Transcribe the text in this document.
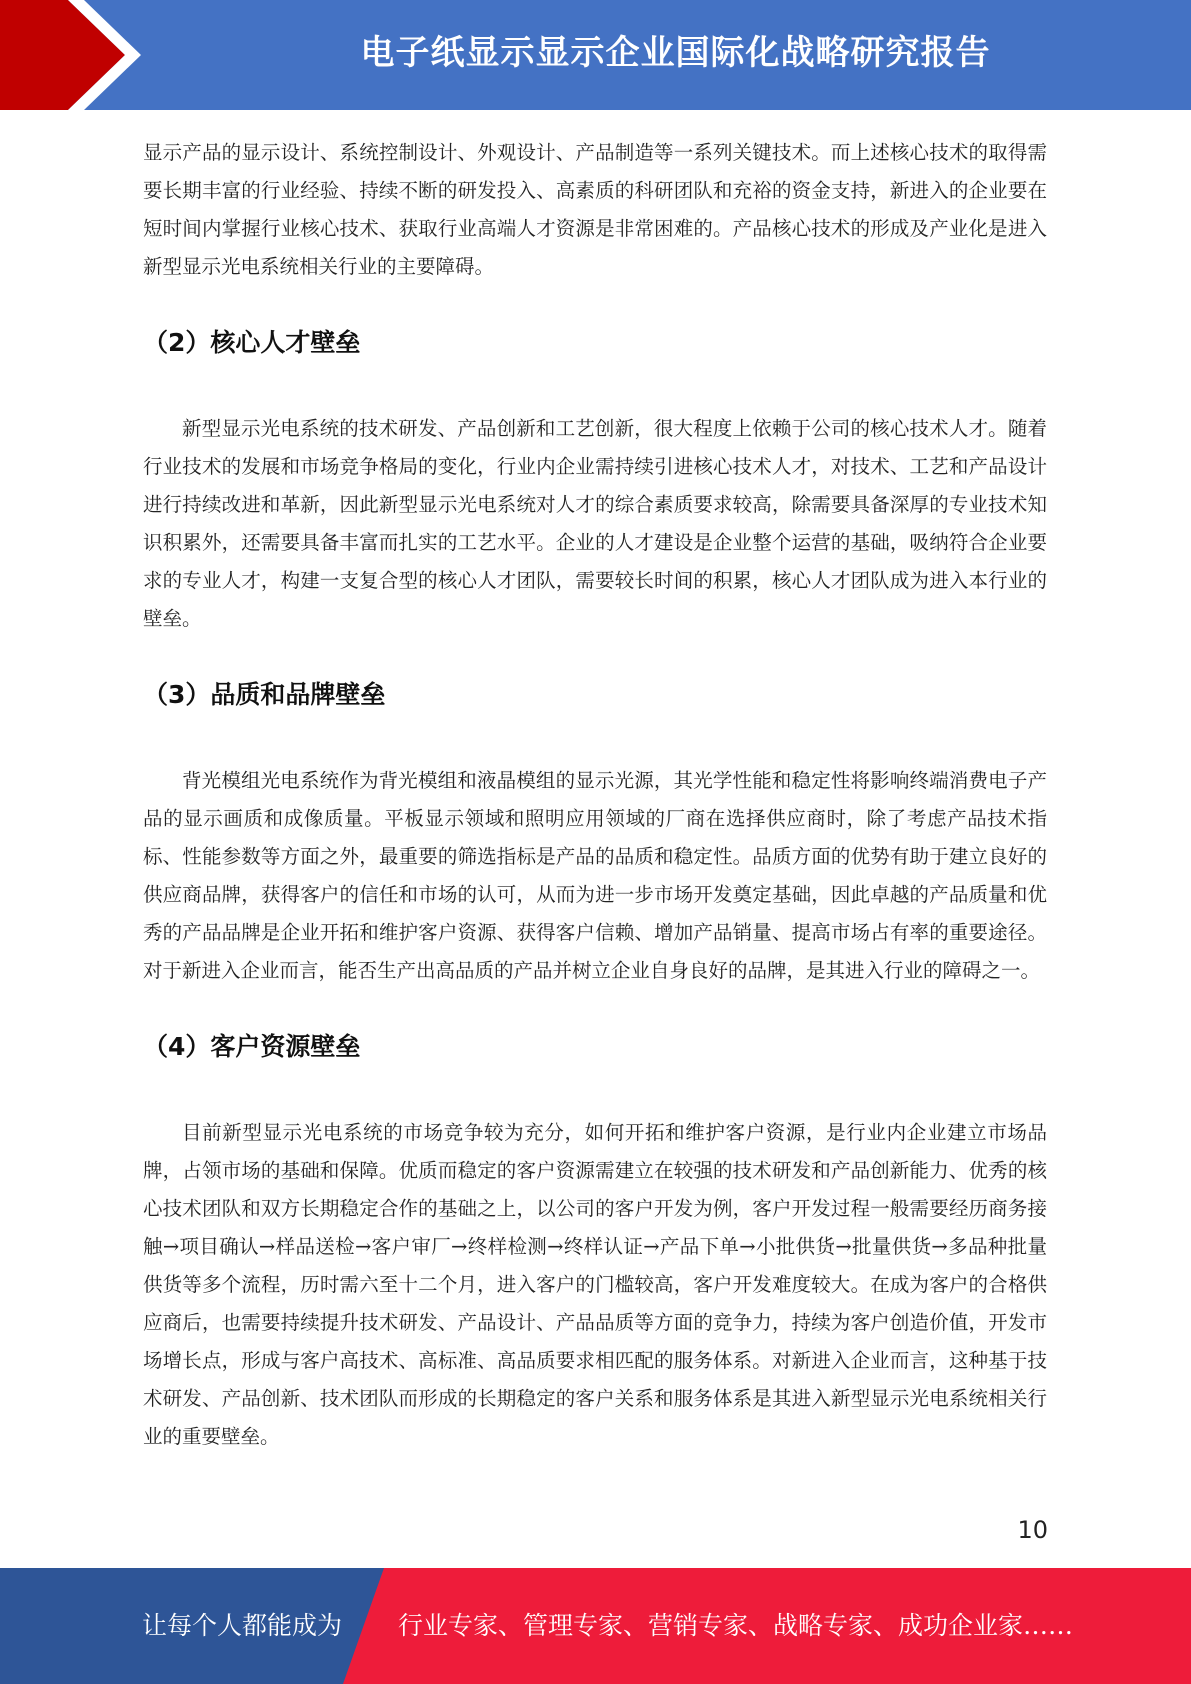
电子纸显示显示企业国际化战略研究报告

显示产品的显示设计、系统控制设计、外观设计、产品制造等一系列关键技术。而上述核心技术的取得需要长期丰富的行业经验、持续不断的研发投入、高素质的科研团队和充裕的资金支持，新进入的企业要在短时间内掌握行业核心技术、获取行业高端人才资源是非常困难的。产品核心技术的形成及产业化是进入新型显示光电系统相关行业的主要障碍。

（2）核心人才壁垒

新型显示光电系统的技术研发、产品创新和工艺创新，很大程度上依赖于公司的核心技术人才。随着行业技术的发展和市场竞争格局的变化，行业内企业需持续引进核心技术人才，对技术、工艺和产品设计进行持续改进和革新，因此新型显示光电系统对人才的综合素质要求较高，除需要具备深厚的专业技术知识积累外，还需要具备丰富而扎实的工艺水平。企业的人才建设是企业整个运营的基础，吸纳符合企业要求的专业人才，构建一支复合型的核心人才团队，需要较长时间的积累，核心人才团队成为进入本行业的壁垒。

（3）品质和品牌壁垒

背光模组光电系统作为背光模组和液晶模组的显示光源，其光学性能和稳定性将影响终端消费电子产品的显示画质和成像质量。平板显示领域和照明应用领域的厂商在选择供应商时，除了考虑产品技术指标、性能参数等方面之外，最重要的筛选指标是产品的品质和稳定性。品质方面的优势有助于建立良好的供应商品牌，获得客户的信任和市场的认可，从而为进一步市场开发奠定基础，因此卓越的产品质量和优秀的产品品牌是企业开拓和维护客户资源、获得客户信赖、增加产品销量、提高市场占有率的重要途径。对于新进入企业而言，能否生产出高品质的产品并树立企业自身良好的品牌，是其进入行业的障碍之一。

（4）客户资源壁垒

目前新型显示光电系统的市场竞争较为充分，如何开拓和维护客户资源，是行业内企业建立市场品牌，占领市场的基础和保障。优质而稳定的客户资源需建立在较强的技术研发和产品创新能力、优秀的核心技术团队和双方长期稳定合作的基础之上，以公司的客户开发为例，客户开发过程一般需要经历商务接触→项目确认→样品送检→客户审厂→终样检测→终样认证→产品下单→小批供货→批量供货→多品种批量供货等多个流程，历时需六至十二个月，进入客户的门槛较高，客户开发难度较大。在成为客户的合格供应商后，也需要持续提升技术研发、产品设计、产品品质等方面的竞争力，持续为客户创造价值，开发市场增长点，形成与客户高技术、高标准、高品质要求相匹配的服务体系。对新进入企业而言，这种基于技术研发、产品创新、技术团队而形成的长期稳定的客户关系和服务体系是其进入新型显示光电系统相关行业的重要壁垒。

10
让每个人都能成为 行业专家、管理专家、营销专家、战略专家、成功企业家……
